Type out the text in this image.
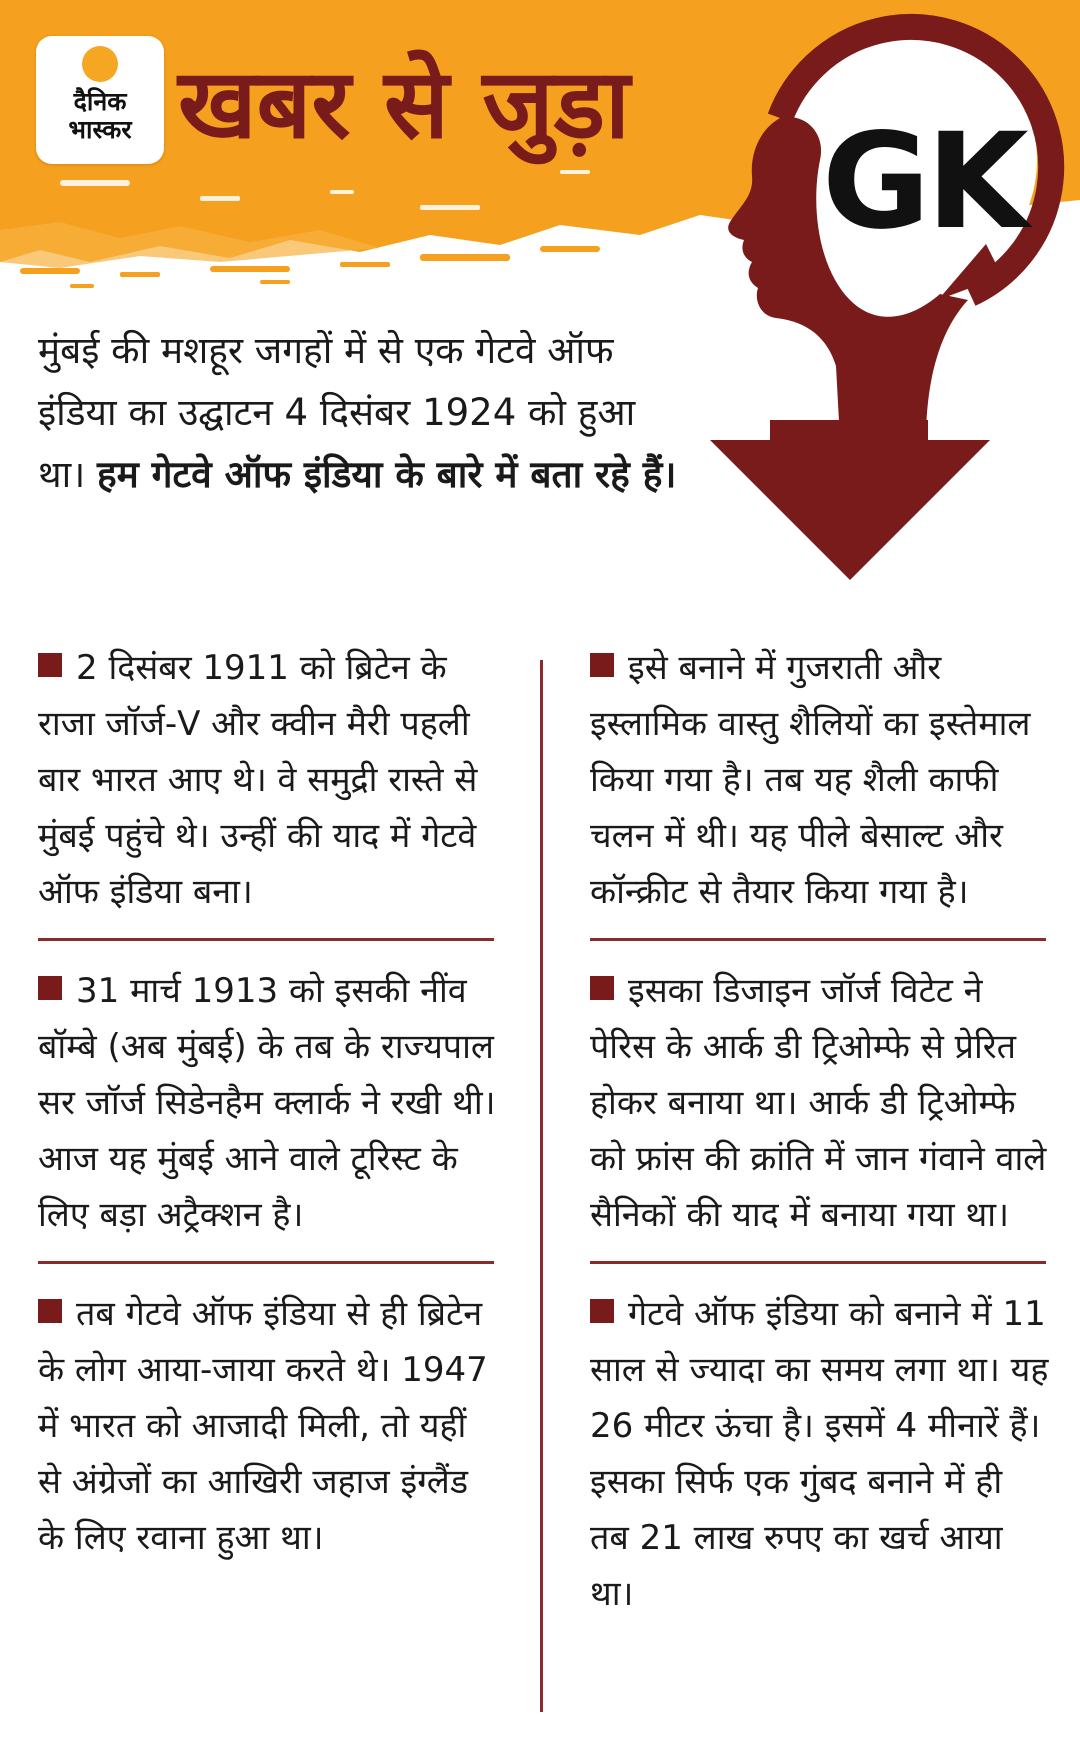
दैनिक
भास्कर खबर से जुड़ा
GK

मुंबई की मशहूर जगहों में से एक गेटवे ऑफ इंडिया का उद्घाटन 4 दिसंबर 1924 को हुआ था। हम गेटवे ऑफ इंडिया के बारे में बता रहे हैं।

2 दिसंबर 1911 को ब्रिटेन के राजा जॉर्ज-V और क्वीन मैरी पहली बार भारत आए थे। वे समुद्री रास्ते से मुंबई पहुंचे थे। उन्हीं की याद में गेटवे ऑफ इंडिया बना।

31 मार्च 1913 को इसकी नींव बॉम्बे (अब मुंबई) के तब के राज्यपाल सर जॉर्ज सिडेनहैम क्लार्क ने रखी थी। आज यह मुंबई आने वाले टूरिस्ट के लिए बड़ा अट्रैक्शन है।

तब गेटवे ऑफ इंडिया से ही ब्रिटेन के लोग आया-जाया करते थे। 1947 में भारत को आजादी मिली, तो यहीं से अंग्रेजों का आखिरी जहाज इंग्लैंड के लिए रवाना हुआ था।

इसे बनाने में गुजराती और इस्लामिक वास्तु शैलियों का इस्तेमाल किया गया है। तब यह शैली काफी चलन में थी। यह पीले बेसाल्ट और कॉन्क्रीट से तैयार किया गया है।

इसका डिजाइन जॉर्ज विटेट ने पेरिस के आर्क डी ट्रिओम्फे से प्रेरित होकर बनाया था। आर्क डी ट्रिओम्फे को फ्रांस की क्रांति में जान गंवाने वाले सैनिकों की याद में बनाया गया था।

गेटवे ऑफ इंडिया को बनाने में 11 साल से ज्यादा का समय लगा था। यह 26 मीटर ऊंचा है। इसमें 4 मीनारें हैं। इसका सिर्फ एक गुंबद बनाने में ही तब 21 लाख रुपए का खर्च आया था।
